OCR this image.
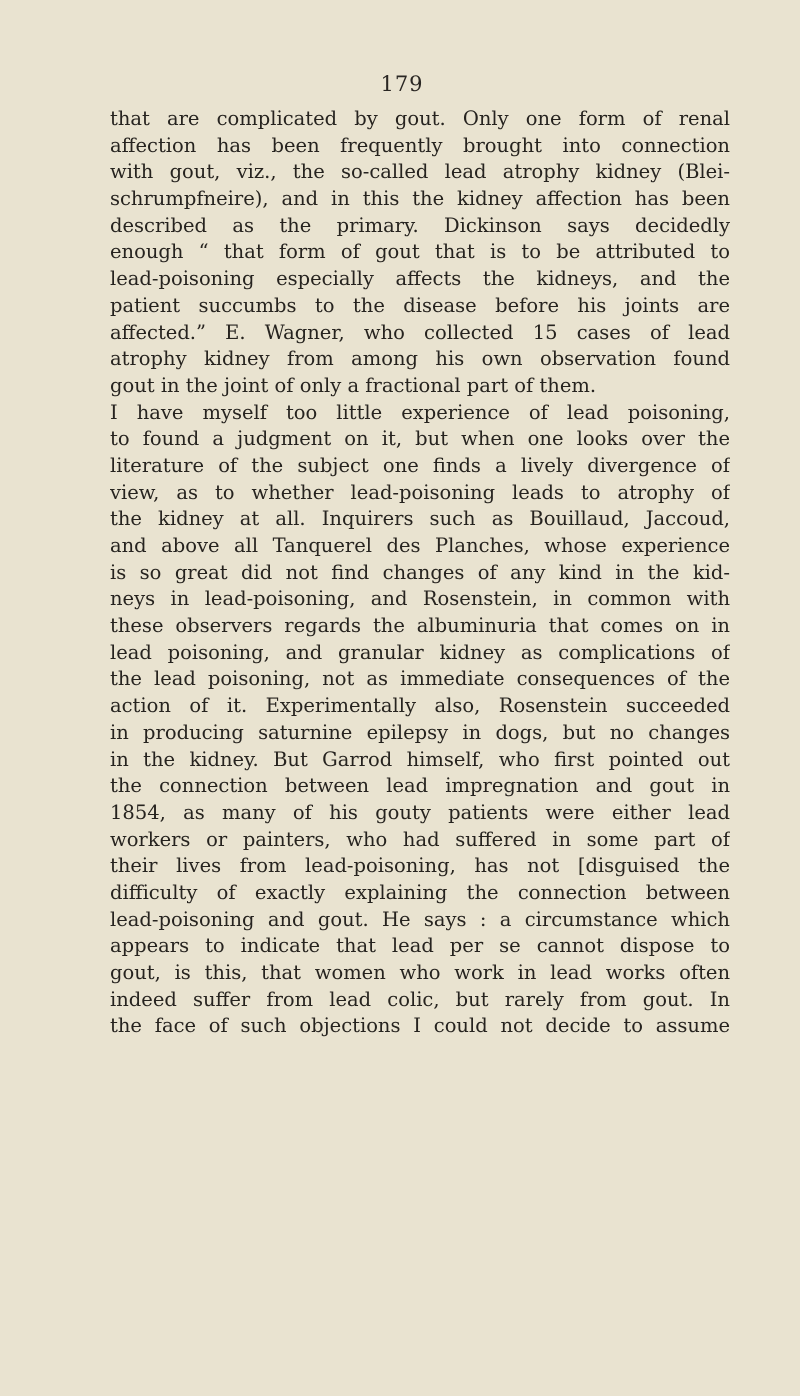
179
that are complicated by gout. Only one form of renal
affection has been frequently brought into connection
with gout, viz., the so-called lead atrophy kidney (Blei-
schrumpfneire), and in this the kidney affection has been
described as the primary. Dickinson says decidedly
enough “ that form of gout that is to be attributed to
lead-poisoning especially affects the kidneys, and the
patient succumbs to the disease before his joints are
affected.” E. Wagner, who collected 15 cases of lead
atrophy kidney from among his own observation found
gout in the joint of only a fractional part of them.
I have myself too little experience of lead poisoning,
to found a judgment on it, but when one looks over the
literature of the subject one finds a lively divergence of
view, as to whether lead-poisoning leads to atrophy of
the kidney at all. Inquirers such as Bouillaud, Jaccoud,
and above all Tanquerel des Planches, whose experience
is so great did not find changes of any kind in the kid-
neys in lead-poisoning, and Rosenstein, in common with
these observers regards the albuminuria that comes on in
lead poisoning, and granular kidney as complications of
the lead poisoning, not as immediate consequences of the
action of it. Experimentally also, Rosenstein succeeded
in producing saturnine epilepsy in dogs, but no changes
in the kidney. But Garrod himself, who first pointed out
the connection between lead impregnation and gout in
1854, as many of his gouty patients were either lead
workers or painters, who had suffered in some part of
their lives from lead-poisoning, has not [disguised the
difficulty of exactly explaining the connection between
lead-poisoning and gout. He says : a circumstance which
appears to indicate that lead per se cannot dispose to
gout, is this, that women who work in lead works often
indeed suffer from lead colic, but rarely from gout. In
the face of such objections I could not decide to assume
